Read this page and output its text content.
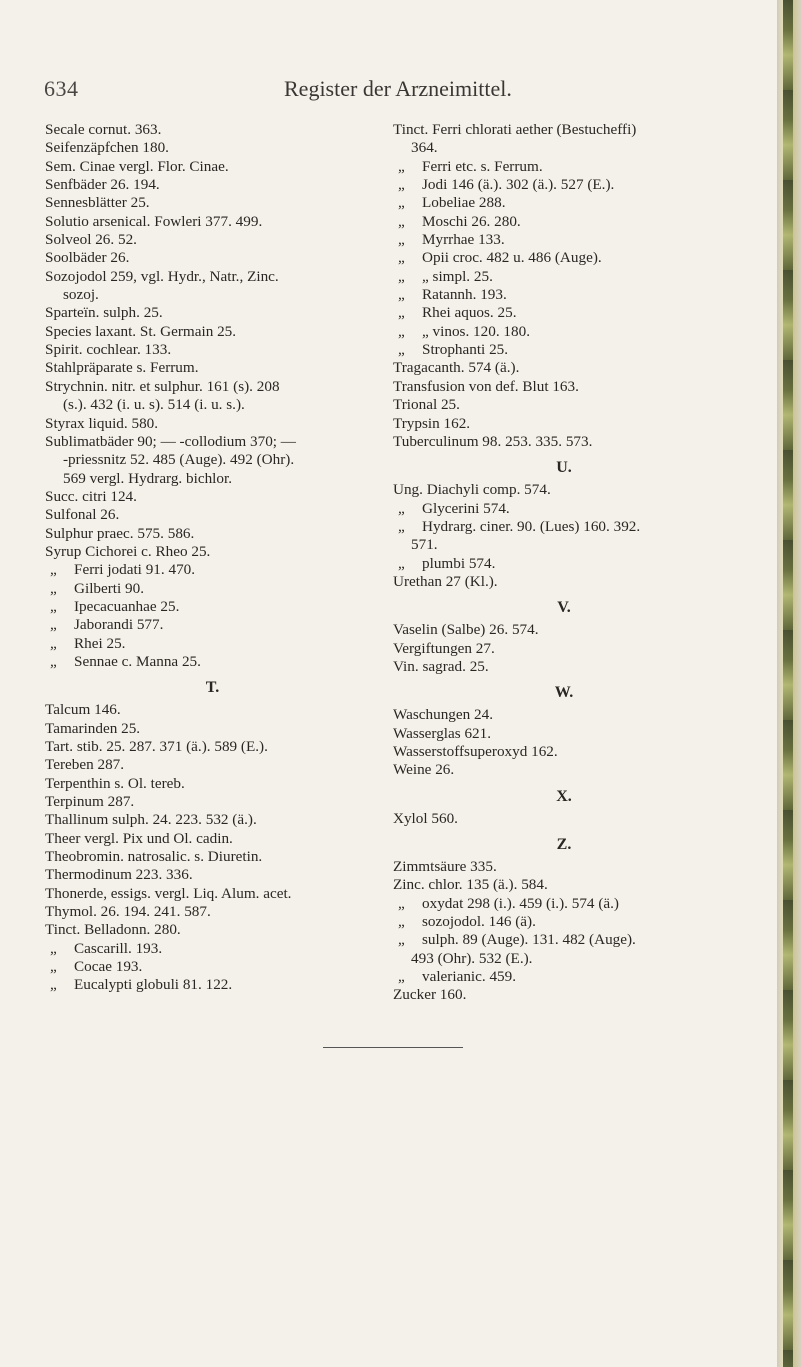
634	Register der Arzneimittel.
Secale cornut. 363.
Seifenzäpfchen 180.
Sem. Cinae vergl. Flor. Cinae.
Senfbäder 26. 194.
Sennesblätter 25.
Solutio arsenical. Fowleri 377. 499.
Solveol 26. 52.
Soolbäder 26.
Sozojodol 259, vgl. Hydr., Natr., Zinc.
sozoj.
Sparteïn. sulph. 25.
Species laxant. St. Germain 25.
Spirit. cochlear. 133.
Stahlpräparate s. Ferrum.
Strychnin. nitr. et sulphur. 161 (s). 208
(s.). 432 (i. u. s). 514 (i. u. s.).
Styrax liquid. 580.
Sublimatbäder 90; — -collodium 370; —
-priessnitz 52. 485 (Auge). 492 (Ohr).
569 vergl. Hydrarg. bichlor.
Succ. citri 124.
Sulfonal 26.
Sulphur praec. 575. 586.
Syrup Cichorei c. Rheo 25.
„ Ferri jodati 91. 470.
„ Gilberti 90.
„ Ipecacuanhae 25.
„ Jaborandi 577.
„ Rhei 25.
„ Sennae c. Manna 25.
T.
Talcum 146.
Tamarinden 25.
Tart. stib. 25. 287. 371 (ä.). 589 (E.).
Tereben 287.
Terpenthin s. Ol. tereb.
Terpinum 287.
Thallinum sulph. 24. 223. 532 (ä.).
Theer vergl. Pix und Ol. cadin.
Theobromin. natrosalic. s. Diuretin.
Thermodinum 223. 336.
Thonerde, essigs. vergl. Liq. Alum. acet.
Thymol. 26. 194. 241. 587.
Tinct. Belladonn. 280.
„ Cascarill. 193.
„ Cocae 193.
„ Eucalypti globuli 81. 122.
Tinct. Ferri chlorati aether (Bestucheffi)
364.
„ Ferri etc. s. Ferrum.
„ Jodi 146 (ä.). 302 (ä.). 527 (E.).
„ Lobeliae 288.
„ Moschi 26. 280.
„ Myrrhae 133.
„ Opii croc. 482 u. 486 (Auge).
„ „ simpl. 25.
„ Ratannh. 193.
„ Rhei aquos. 25.
„ „ vinos. 120. 180.
„ Strophanti 25.
Tragacanth. 574 (ä.).
Transfusion von def. Blut 163.
Trional 25.
Trypsin 162.
Tuberculinum 98. 253. 335. 573.
U.
Ung. Diachyli comp. 574.
„ Glycerini 574.
„ Hydrarg. ciner. 90. (Lues) 160. 392.
571.
„ plumbi 574.
Urethan 27 (Kl.).
V.
Vaselin (Salbe) 26. 574.
Vergiftungen 27.
Vin. sagrad. 25.
W.
Waschungen 24.
Wasserglas 621.
Wasserstoffsuperoxyd 162.
Weine 26.
X.
Xylol 560.
Z.
Zimmtsäure 335.
Zinc. chlor. 135 (ä.). 584.
„ oxydat 298 (i.). 459 (i.). 574 (ä.)
„ sozojodol. 146 (ä).
„ sulph. 89 (Auge). 131. 482 (Auge).
493 (Ohr). 532 (E.).
„ valerianic. 459.
Zucker 160.
